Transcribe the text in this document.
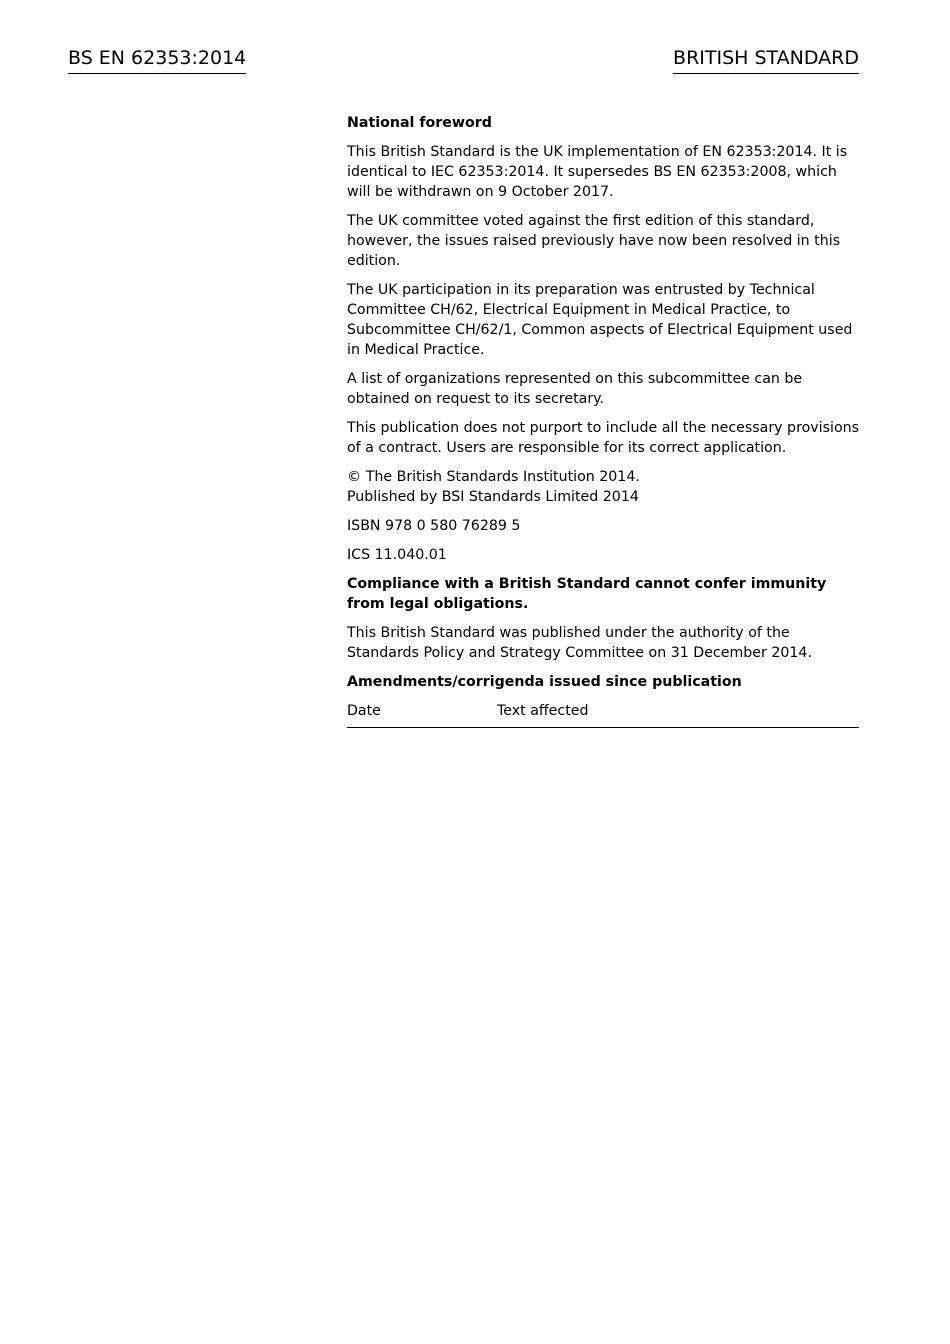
BS EN 62353:2014	BRITISH STANDARD

National foreword

This British Standard is the UK implementation of EN 62353:2014. It is identical to IEC 62353:2014. It supersedes BS EN 62353:2008, which will be withdrawn on 9 October 2017.

The UK committee voted against the first edition of this standard, however, the issues raised previously have now been resolved in this edition.

The UK participation in its preparation was entrusted by Technical Committee CH/62, Electrical Equipment in Medical Practice, to Subcommittee CH/62/1, Common aspects of Electrical Equipment used in Medical Practice.

A list of organizations represented on this subcommittee can be obtained on request to its secretary.

This publication does not purport to include all the necessary provisions of a contract. Users are responsible for its correct application.

© The British Standards Institution 2014.
Published by BSI Standards Limited 2014

ISBN 978 0 580 76289 5

ICS 11.040.01

Compliance with a British Standard cannot confer immunity from legal obligations.

This British Standard was published under the authority of the Standards Policy and Strategy Committee on 31 December 2014.

Amendments/corrigenda issued since publication

Date	Text affected
